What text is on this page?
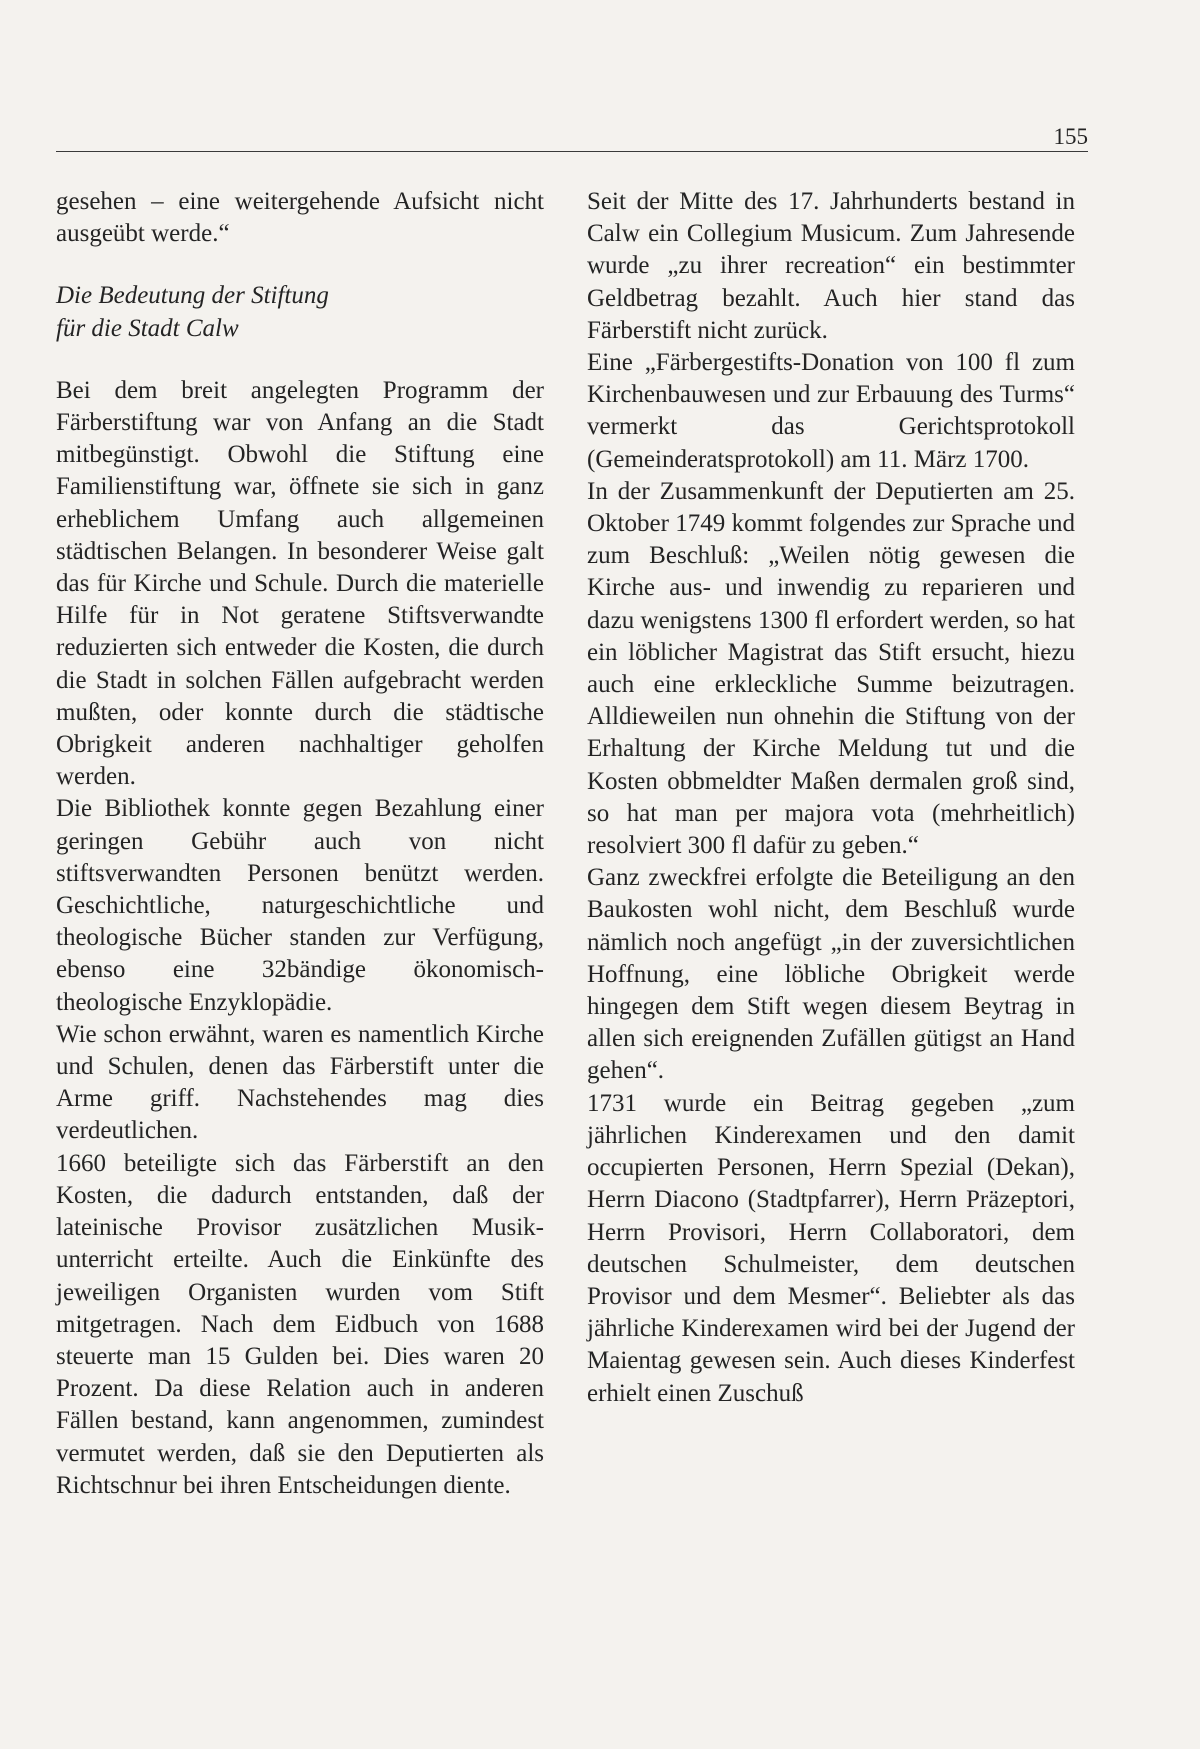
155

gesehen – eine weitergehende Aufsicht nicht ausgeübt werde.“

Die Bedeutung der Stiftung
für die Stadt Calw

Bei dem breit angelegten Programm der Färberstiftung war von Anfang an die Stadt mitbegünstigt. Obwohl die Stiftung eine Familienstiftung war, öffnete sie sich in ganz erheblichem Umfang auch allgemeinen städtischen Belangen. In besonderer Weise galt das für Kirche und Schule. Durch die materielle Hilfe für in Not geratene Stiftsverwandte reduzierten sich entweder die Kosten, die durch die Stadt in solchen Fällen aufgebracht werden mußten, oder konnte durch die städtische Obrigkeit anderen nachhaltiger geholfen werden.

Die Bibliothek konnte gegen Bezahlung einer geringen Gebühr auch von nicht stiftsverwandten Personen benützt werden. Geschichtliche, naturgeschichtliche und theologische Bücher standen zur Verfügung, ebenso eine 32bändige ökonomisch-theologische Enzyklopädie.

Wie schon erwähnt, waren es namentlich Kirche und Schulen, denen das Färberstift unter die Arme griff. Nachstehendes mag dies verdeutlichen.

1660 beteiligte sich das Färberstift an den Kosten, die dadurch entstanden, daß der lateinische Provisor zusätzlichen Musikunterricht erteilte. Auch die Einkünfte des jeweiligen Organisten wurden vom Stift mitgetragen. Nach dem Eidbuch von 1688 steuerte man 15 Gulden bei. Dies waren 20 Prozent. Da diese Relation auch in anderen Fällen bestand, kann angenommen, zumindest vermutet werden, daß sie den Deputierten als Richtschnur bei ihren Entscheidungen diente.

Seit der Mitte des 17. Jahrhunderts bestand in Calw ein Collegium Musicum. Zum Jahresende wurde „zu ihrer recreation“ ein bestimmter Geldbetrag bezahlt. Auch hier stand das Färberstift nicht zurück.

Eine „Färbergestifts-Donation von 100 fl zum Kirchenbauwesen und zur Erbauung des Turms“ vermerkt das Gerichtsprotokoll (Gemeinderatsprotokoll) am 11. März 1700.

In der Zusammenkunft der Deputierten am 25. Oktober 1749 kommt folgendes zur Sprache und zum Beschluß: „Weilen nötig gewesen die Kirche aus- und inwendig zu reparieren und dazu wenigstens 1300 fl erfordert werden, so hat ein löblicher Magistrat das Stift ersucht, hiezu auch eine erkleckliche Summe beizutragen. Alldieweilen nun ohnehin die Stiftung von der Erhaltung der Kirche Meldung tut und die Kosten obbmeldter Maßen dermalen groß sind, so hat man per majora vota (mehrheitlich) resolviert 300 fl dafür zu geben.“

Ganz zweckfrei erfolgte die Beteiligung an den Baukosten wohl nicht, dem Beschluß wurde nämlich noch angefügt „in der zuversichtlichen Hoffnung, eine löbliche Obrigkeit werde hingegen dem Stift wegen diesem Beytrag in allen sich ereignenden Zufällen gütigst an Hand gehen“.

1731 wurde ein Beitrag gegeben „zum jährlichen Kinderexamen und den damit occupierten Personen, Herrn Spezial (Dekan), Herrn Diacono (Stadtpfarrer), Herrn Präzeptori, Herrn Provisori, Herrn Collaboratori, dem deutschen Schulmeister, dem deutschen Provisor und dem Mesmer“. Beliebter als das jährliche Kinderexamen wird bei der Jugend der Maientag gewesen sein. Auch dieses Kinderfest erhielt einen Zuschuß
